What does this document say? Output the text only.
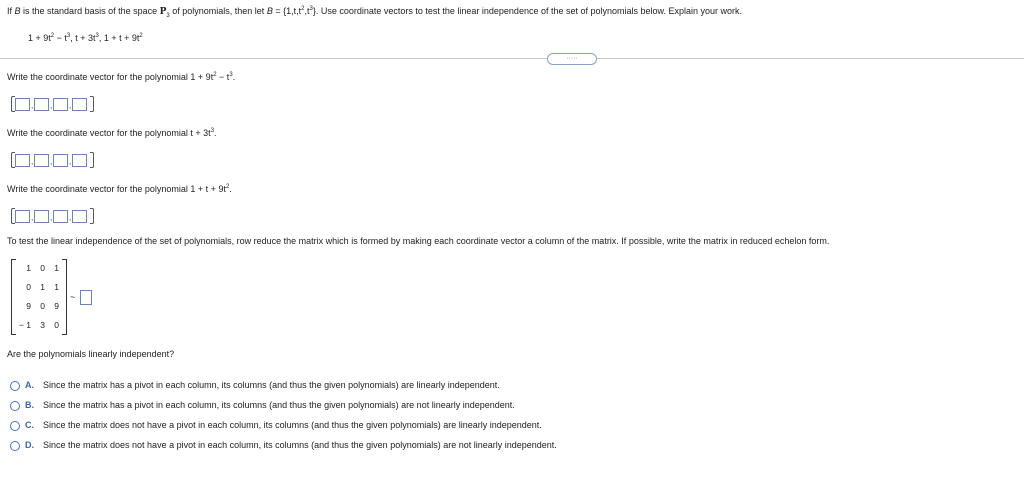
If B is the standard basis of the space $P_3$ of polynomials, then let $B = \{1,t,t^2,t^3\}$. Use coordinate vectors to test the linear independence of the set of polynomials below. Explain your work.
$1 + 9t^2 - t^3$, $t + 3t^3$, $1 + t + 9t^2$
·····
Write the coordinate vector for the polynomial $1 + 9t^2 - t^3$.
, , ,
Write the coordinate vector for the polynomial $t + 3t^3$.
, , ,
Write the coordinate vector for the polynomial $1 + t + 9t^2$.
, , ,
To test the linear independence of the set of polynomials, row reduce the matrix which is formed by making each coordinate vector a column of the matrix. If possible, write the matrix in reduced echelon form.
1 0 1
0 1 1
9 0 9
− 1 3 0
~
Are the polynomials linearly independent?
A. Since the matrix has a pivot in each column, its columns (and thus the given polynomials) are linearly independent.
B. Since the matrix has a pivot in each column, its columns (and thus the given polynomials) are not linearly independent.
C. Since the matrix does not have a pivot in each column, its columns (and thus the given polynomials) are linearly independent.
D. Since the matrix does not have a pivot in each column, its columns (and thus the given polynomials) are not linearly independent.
